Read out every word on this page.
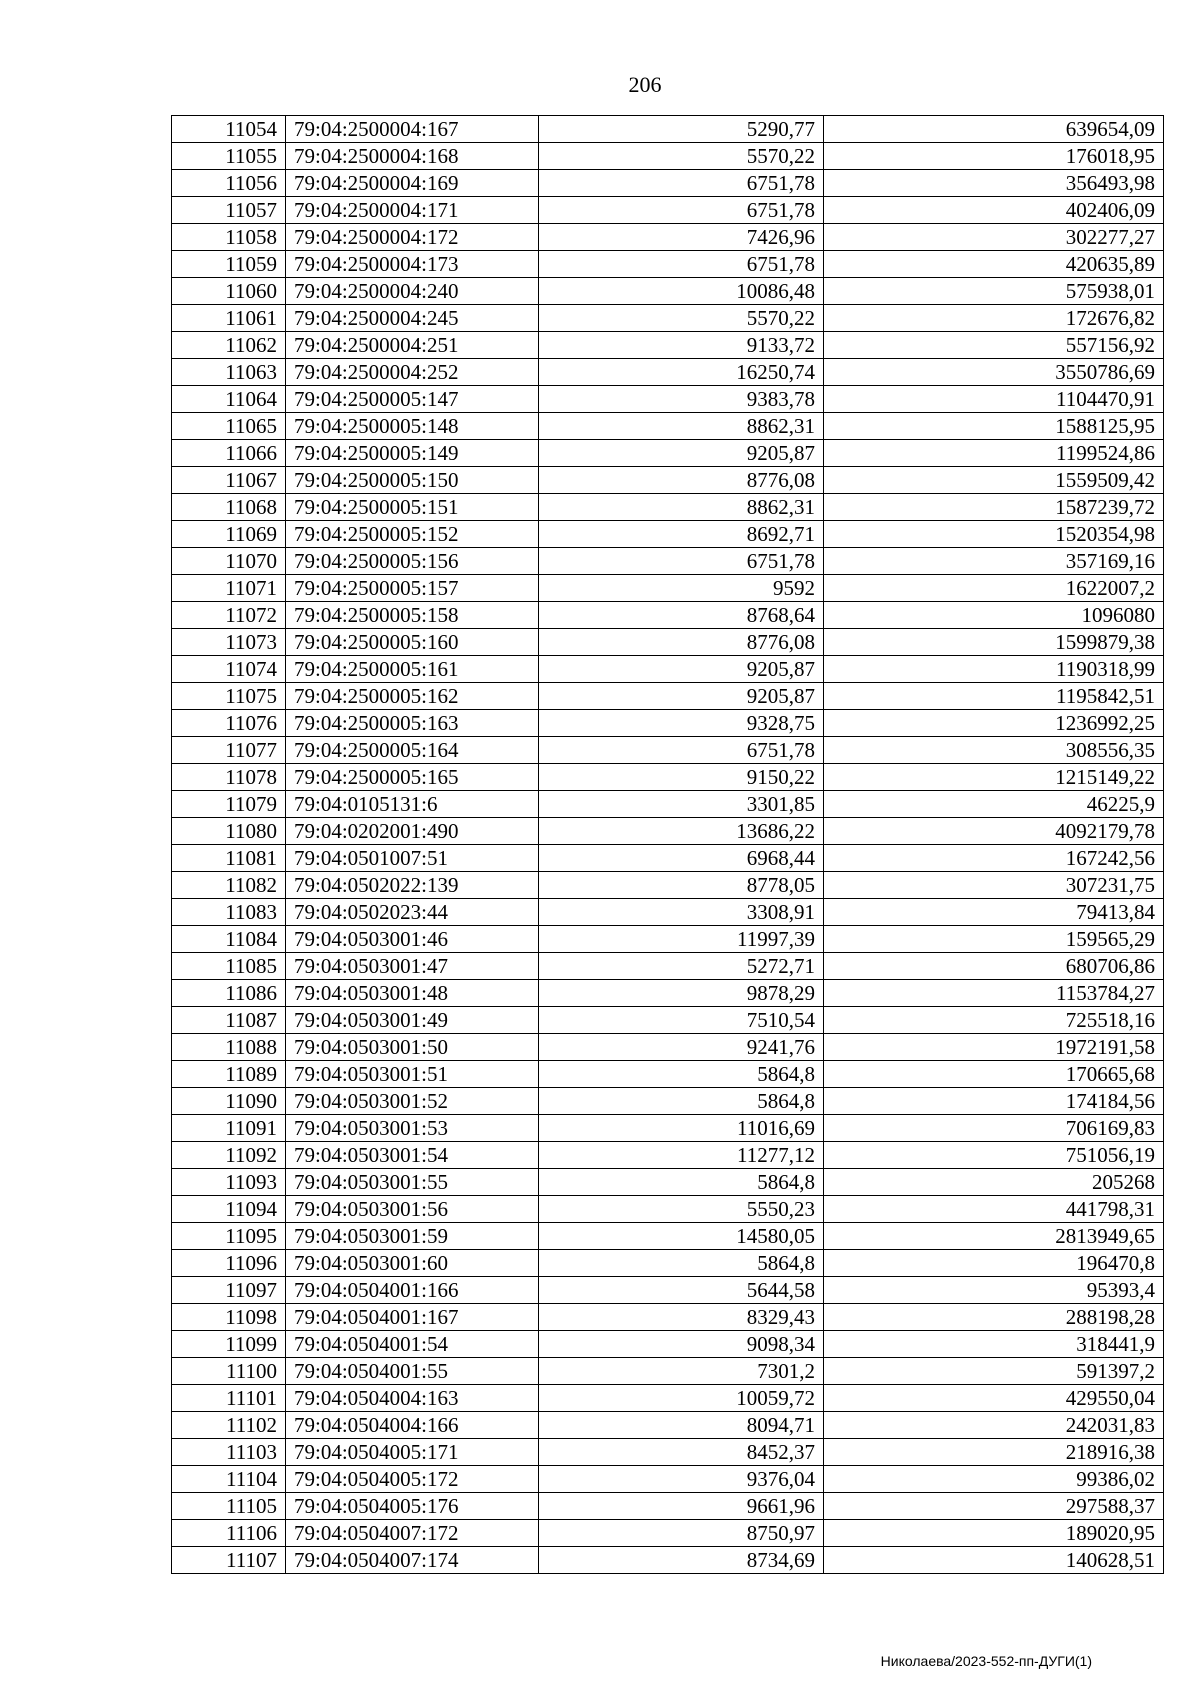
206
11054	79:04:2500004:167	5290,77	639654,09
11055	79:04:2500004:168	5570,22	176018,95
11056	79:04:2500004:169	6751,78	356493,98
11057	79:04:2500004:171	6751,78	402406,09
11058	79:04:2500004:172	7426,96	302277,27
11059	79:04:2500004:173	6751,78	420635,89
11060	79:04:2500004:240	10086,48	575938,01
11061	79:04:2500004:245	5570,22	172676,82
11062	79:04:2500004:251	9133,72	557156,92
11063	79:04:2500004:252	16250,74	3550786,69
11064	79:04:2500005:147	9383,78	1104470,91
11065	79:04:2500005:148	8862,31	1588125,95
11066	79:04:2500005:149	9205,87	1199524,86
11067	79:04:2500005:150	8776,08	1559509,42
11068	79:04:2500005:151	8862,31	1587239,72
11069	79:04:2500005:152	8692,71	1520354,98
11070	79:04:2500005:156	6751,78	357169,16
11071	79:04:2500005:157	9592	1622007,2
11072	79:04:2500005:158	8768,64	1096080
11073	79:04:2500005:160	8776,08	1599879,38
11074	79:04:2500005:161	9205,87	1190318,99
11075	79:04:2500005:162	9205,87	1195842,51
11076	79:04:2500005:163	9328,75	1236992,25
11077	79:04:2500005:164	6751,78	308556,35
11078	79:04:2500005:165	9150,22	1215149,22
11079	79:04:0105131:6	3301,85	46225,9
11080	79:04:0202001:490	13686,22	4092179,78
11081	79:04:0501007:51	6968,44	167242,56
11082	79:04:0502022:139	8778,05	307231,75
11083	79:04:0502023:44	3308,91	79413,84
11084	79:04:0503001:46	11997,39	159565,29
11085	79:04:0503001:47	5272,71	680706,86
11086	79:04:0503001:48	9878,29	1153784,27
11087	79:04:0503001:49	7510,54	725518,16
11088	79:04:0503001:50	9241,76	1972191,58
11089	79:04:0503001:51	5864,8	170665,68
11090	79:04:0503001:52	5864,8	174184,56
11091	79:04:0503001:53	11016,69	706169,83
11092	79:04:0503001:54	11277,12	751056,19
11093	79:04:0503001:55	5864,8	205268
11094	79:04:0503001:56	5550,23	441798,31
11095	79:04:0503001:59	14580,05	2813949,65
11096	79:04:0503001:60	5864,8	196470,8
11097	79:04:0504001:166	5644,58	95393,4
11098	79:04:0504001:167	8329,43	288198,28
11099	79:04:0504001:54	9098,34	318441,9
11100	79:04:0504001:55	7301,2	591397,2
11101	79:04:0504004:163	10059,72	429550,04
11102	79:04:0504004:166	8094,71	242031,83
11103	79:04:0504005:171	8452,37	218916,38
11104	79:04:0504005:172	9376,04	99386,02
11105	79:04:0504005:176	9661,96	297588,37
11106	79:04:0504007:172	8750,97	189020,95
11107	79:04:0504007:174	8734,69	140628,51
Николаева/2023-552-пп-ДУГИ(1)
